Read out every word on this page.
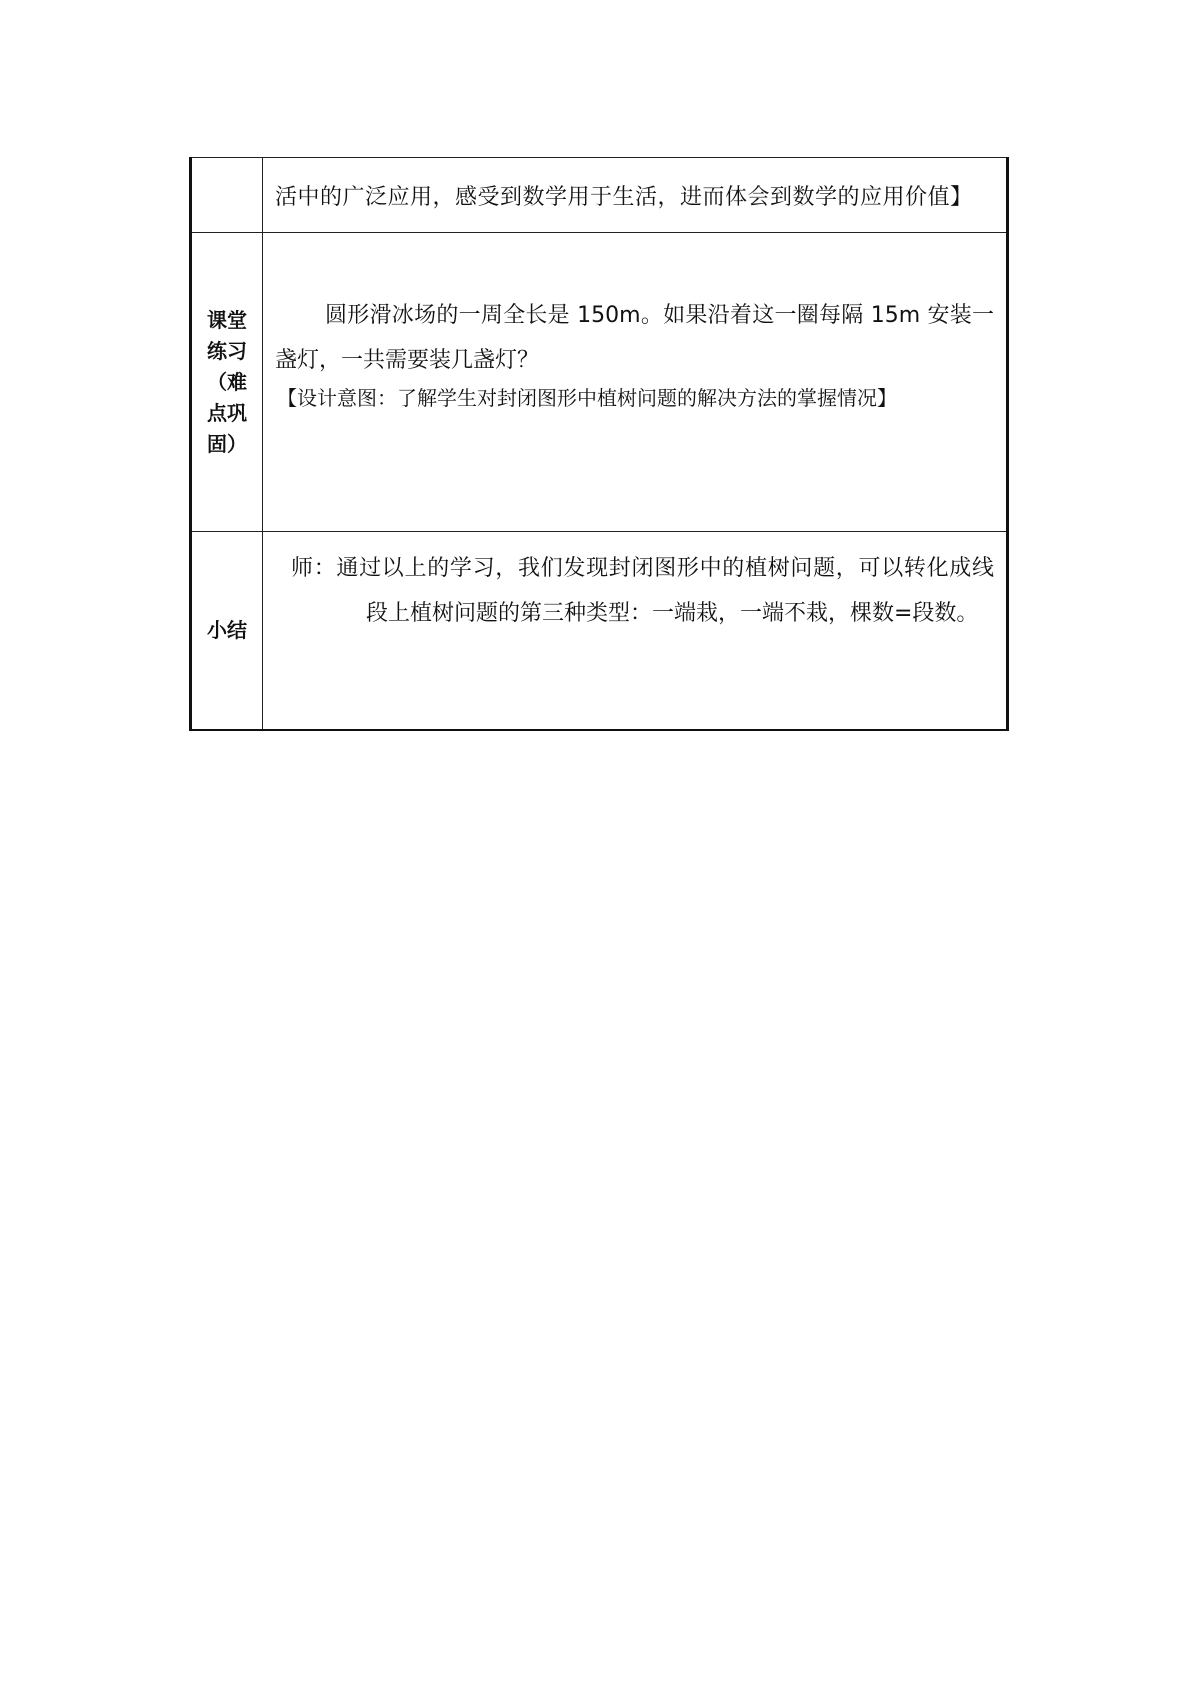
	活中的广泛应用，感受到数学用于生活，进而体会到数学的应用价值】

课堂练习（难点巩固）	圆形滑冰场的一周全长是 150m。如果沿着这一圈每隔 15m 安装一盏灯，一共需要装几盏灯？

【设计意图：了解学生对封闭图形中植树问题的解决方法的掌握情况】

小结	师：通过以上的学习，我们发现封闭图形中的植树问题，可以转化成线段上植树问题的第三种类型：一端栽，一端不栽，棵数=段数。
